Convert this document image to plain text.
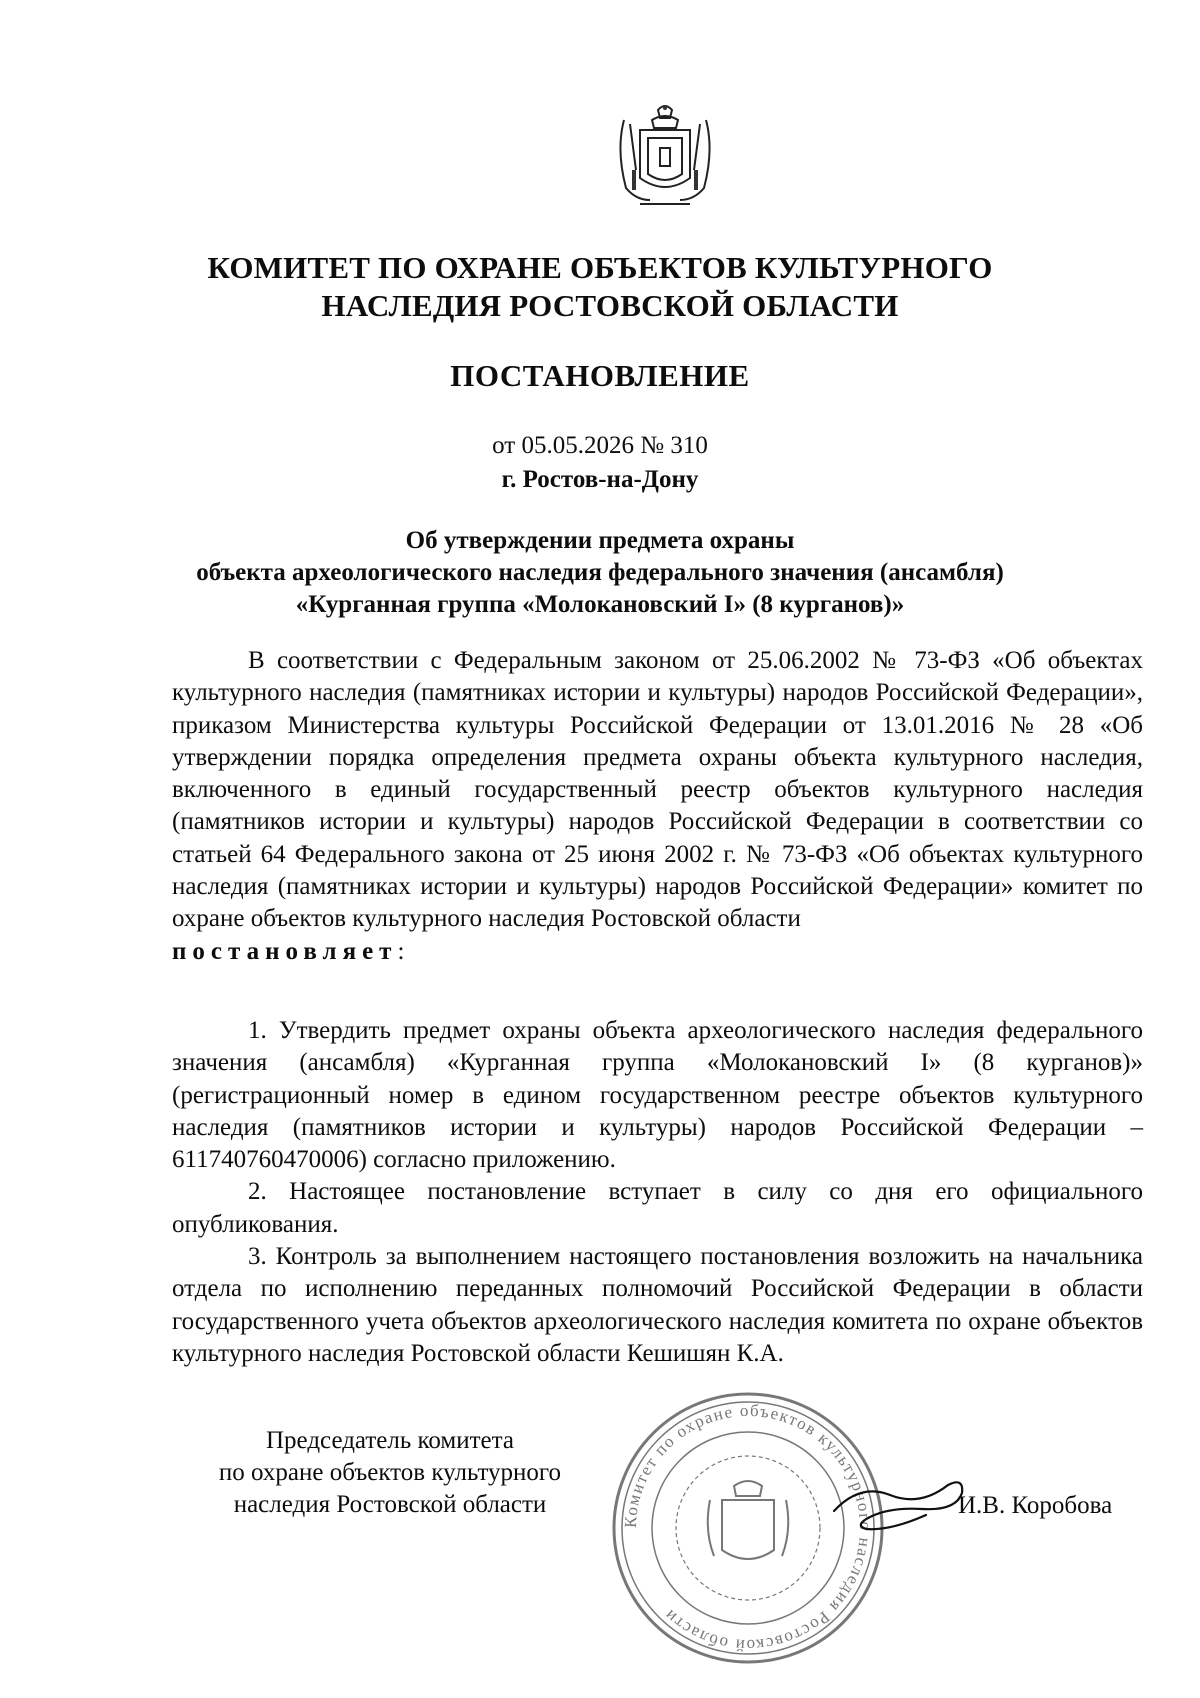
КОМИТЕТ ПО ОХРАНЕ ОБЪЕКТОВ КУЛЬТУРНОГО
НАСЛЕДИЯ РОСТОВСКОЙ ОБЛАСТИ
ПОСТАНОВЛЕНИЕ
от 05.05.2026 № 310
г. Ростов-на-Дону
Об утверждении предмета охраны
объекта археологического наследия федерального значения (ансамбля)
«Курганная группа «Молокановский I» (8 курганов)»
В соответствии с Федеральным законом от 25.06.2002 № 73-ФЗ «Об объектах культурного наследия (памятниках истории и культуры) народов Российской Федерации», приказом Министерства культуры Российской Федерации от 13.01.2016 № 28 «Об утверждении порядка определения предмета охраны объекта культурного наследия, включенного в единый государственный реестр объектов культурного наследия (памятников истории и культуры) народов Российской Федерации в соответствии со статьей 64 Федерального закона от 25 июня 2002 г. № 73-ФЗ «Об объектах культурного наследия (памятниках истории и культуры) народов Российской Федерации» комитет по охране объектов культурного наследия Ростовской области
постановляет:
1. Утвердить предмет охраны объекта археологического наследия федерального значения (ансамбля) «Курганная группа «Молокановский I» (8 курганов)» (регистрационный номер в едином государственном реестре объектов культурного наследия (памятников истории и культуры) народов Российской Федерации – 611740760470006) согласно приложению.
2. Настоящее постановление вступает в силу со дня его официального опубликования.
3. Контроль за выполнением настоящего постановления возложить на начальника отдела по исполнению переданных полномочий Российской Федерации в области государственного учета объектов археологического наследия комитета по охране объектов культурного наследия Ростовской области Кешишян К.А.
Комитет по охране объектов культурного наследия Ростовской области
Председатель комитета
по охране объектов культурного
наследия Ростовской области	И.В. Коробова
